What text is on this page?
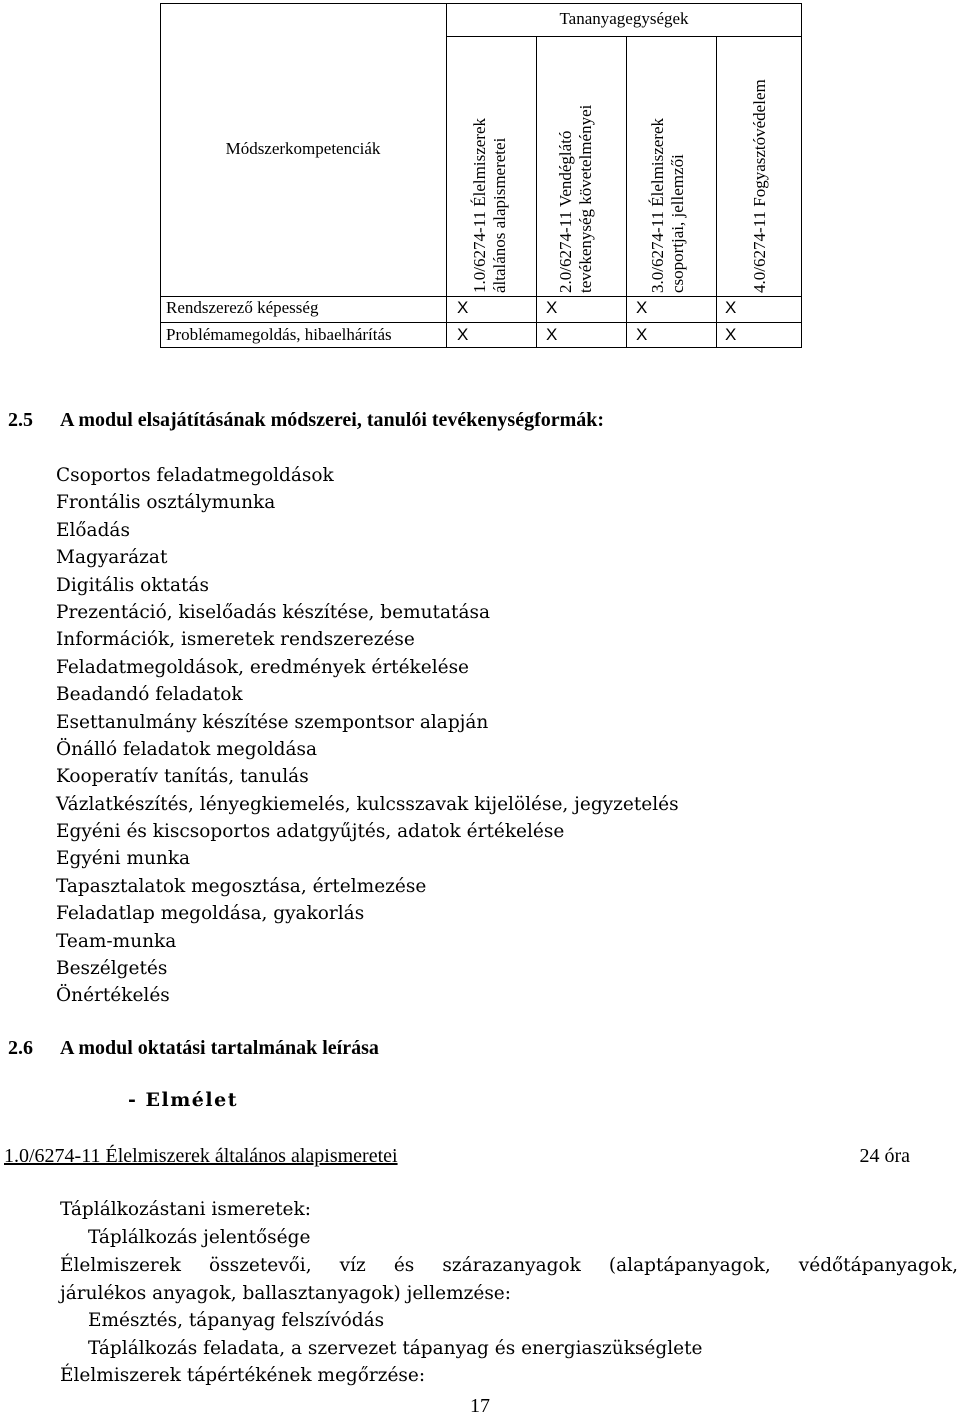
Tananyagegységek
Módszerkompetenciák	1.0/6274-11 Élelmiszerek általános alapismeretei	2.0/6274-11 Vendéglátó tevékenység követelményei	3.0/6274-11 Élelmiszerek csoportjai, jellemzői	4.0/6274-11 Fogyasztóvédelem
Rendszerező képesség	X	X	X	X
Problémamegoldás, hibaelhárítás	X	X	X	X
2.5 A modul elsajátításának módszerei, tanulói tevékenységformák:
Csoportos feladatmegoldások
Frontális osztálymunka
Előadás
Magyarázat
Digitális oktatás
Prezentáció, kiselőadás készítése, bemutatása
Információk, ismeretek rendszerezése
Feladatmegoldások, eredmények értékelése
Beadandó feladatok
Esettanulmány készítése szempontsor alapján
Önálló feladatok megoldása
Kooperatív tanítás, tanulás
Vázlatkészítés, lényegkiemelés, kulcsszavak kijelölése, jegyzetelés
Egyéni és kiscsoportos adatgyűjtés, adatok értékelése
Egyéni munka
Tapasztalatok megosztása, értelmezése
Feladatlap megoldása, gyakorlás
Team-munka
Beszélgetés
Önértékelés
2.6 A modul oktatási tartalmának leírása
- Elmélet
1.0/6274-11 Élelmiszerek általános alapismeretei	24 óra
Táplálkozástani ismeretek:
Táplálkozás jelentősége
Élelmiszerek összetevői, víz és szárazanyagok (alaptápanyagok, védőtápanyagok,
járulékos anyagok, ballasztanyagok) jellemzése:
Emésztés, tápanyag felszívódás
Táplálkozás feladata, a szervezet tápanyag és energiaszükséglete
Élelmiszerek tápértékének megőrzése:
17
